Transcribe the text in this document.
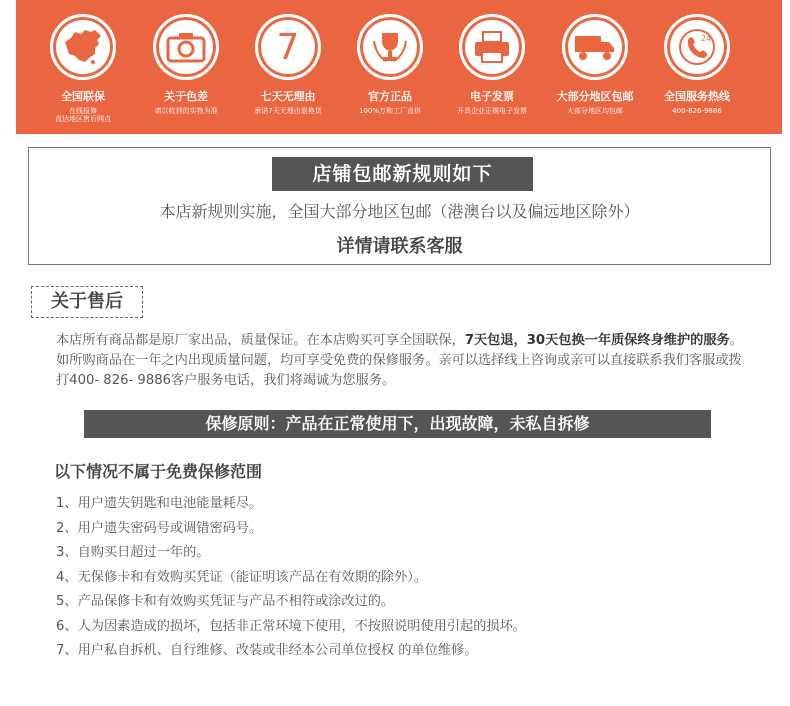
全国联保
在线报修
直达地区售后网点
关于色差
请以收到的实物为准
7
七天无理由
承诺7天无理由退换货
官方正品
100%万和工厂直供
电子发票
开具企业正规电子发票
大部分地区包邮
大部分地区均包邮
24
全国服务热线
400-826-9886
店铺包邮新规则如下
本店新规则实施，全国大部分地区包邮（港澳台以及偏远地区除外）
详情请联系客服
关于售后
本店所有商品都是原厂家出品，质量保证。在本店购买可享全国联保，7天包退，30天包换一年质保终身维护的服务。如所购商品在一年之内出现质量问题，均可享受免费的保修服务。亲可以选择线上咨询或亲可以直接联系我们客服或拨打400- 826- 9886客户服务电话，我们将竭诚为您服务。
保修原则：产品在正常使用下，出现故障，未私自拆修
以下情况不属于免费保修范围
1、用户遗失钥匙和电池能量耗尽。
2、用户遗失密码号或调错密码号。
3、自购买日超过一年的。
4、无保修卡和有效购买凭证（能证明该产品在有效期的除外）。
5、产品保修卡和有效购买凭证与产品不相符或涂改过的。
6、人为因素造成的损坏，包括非正常环境下使用，不按照说明使用引起的损坏。
7、用户私自拆机、自行维修、改装或非经本公司单位授权 的单位维修。
